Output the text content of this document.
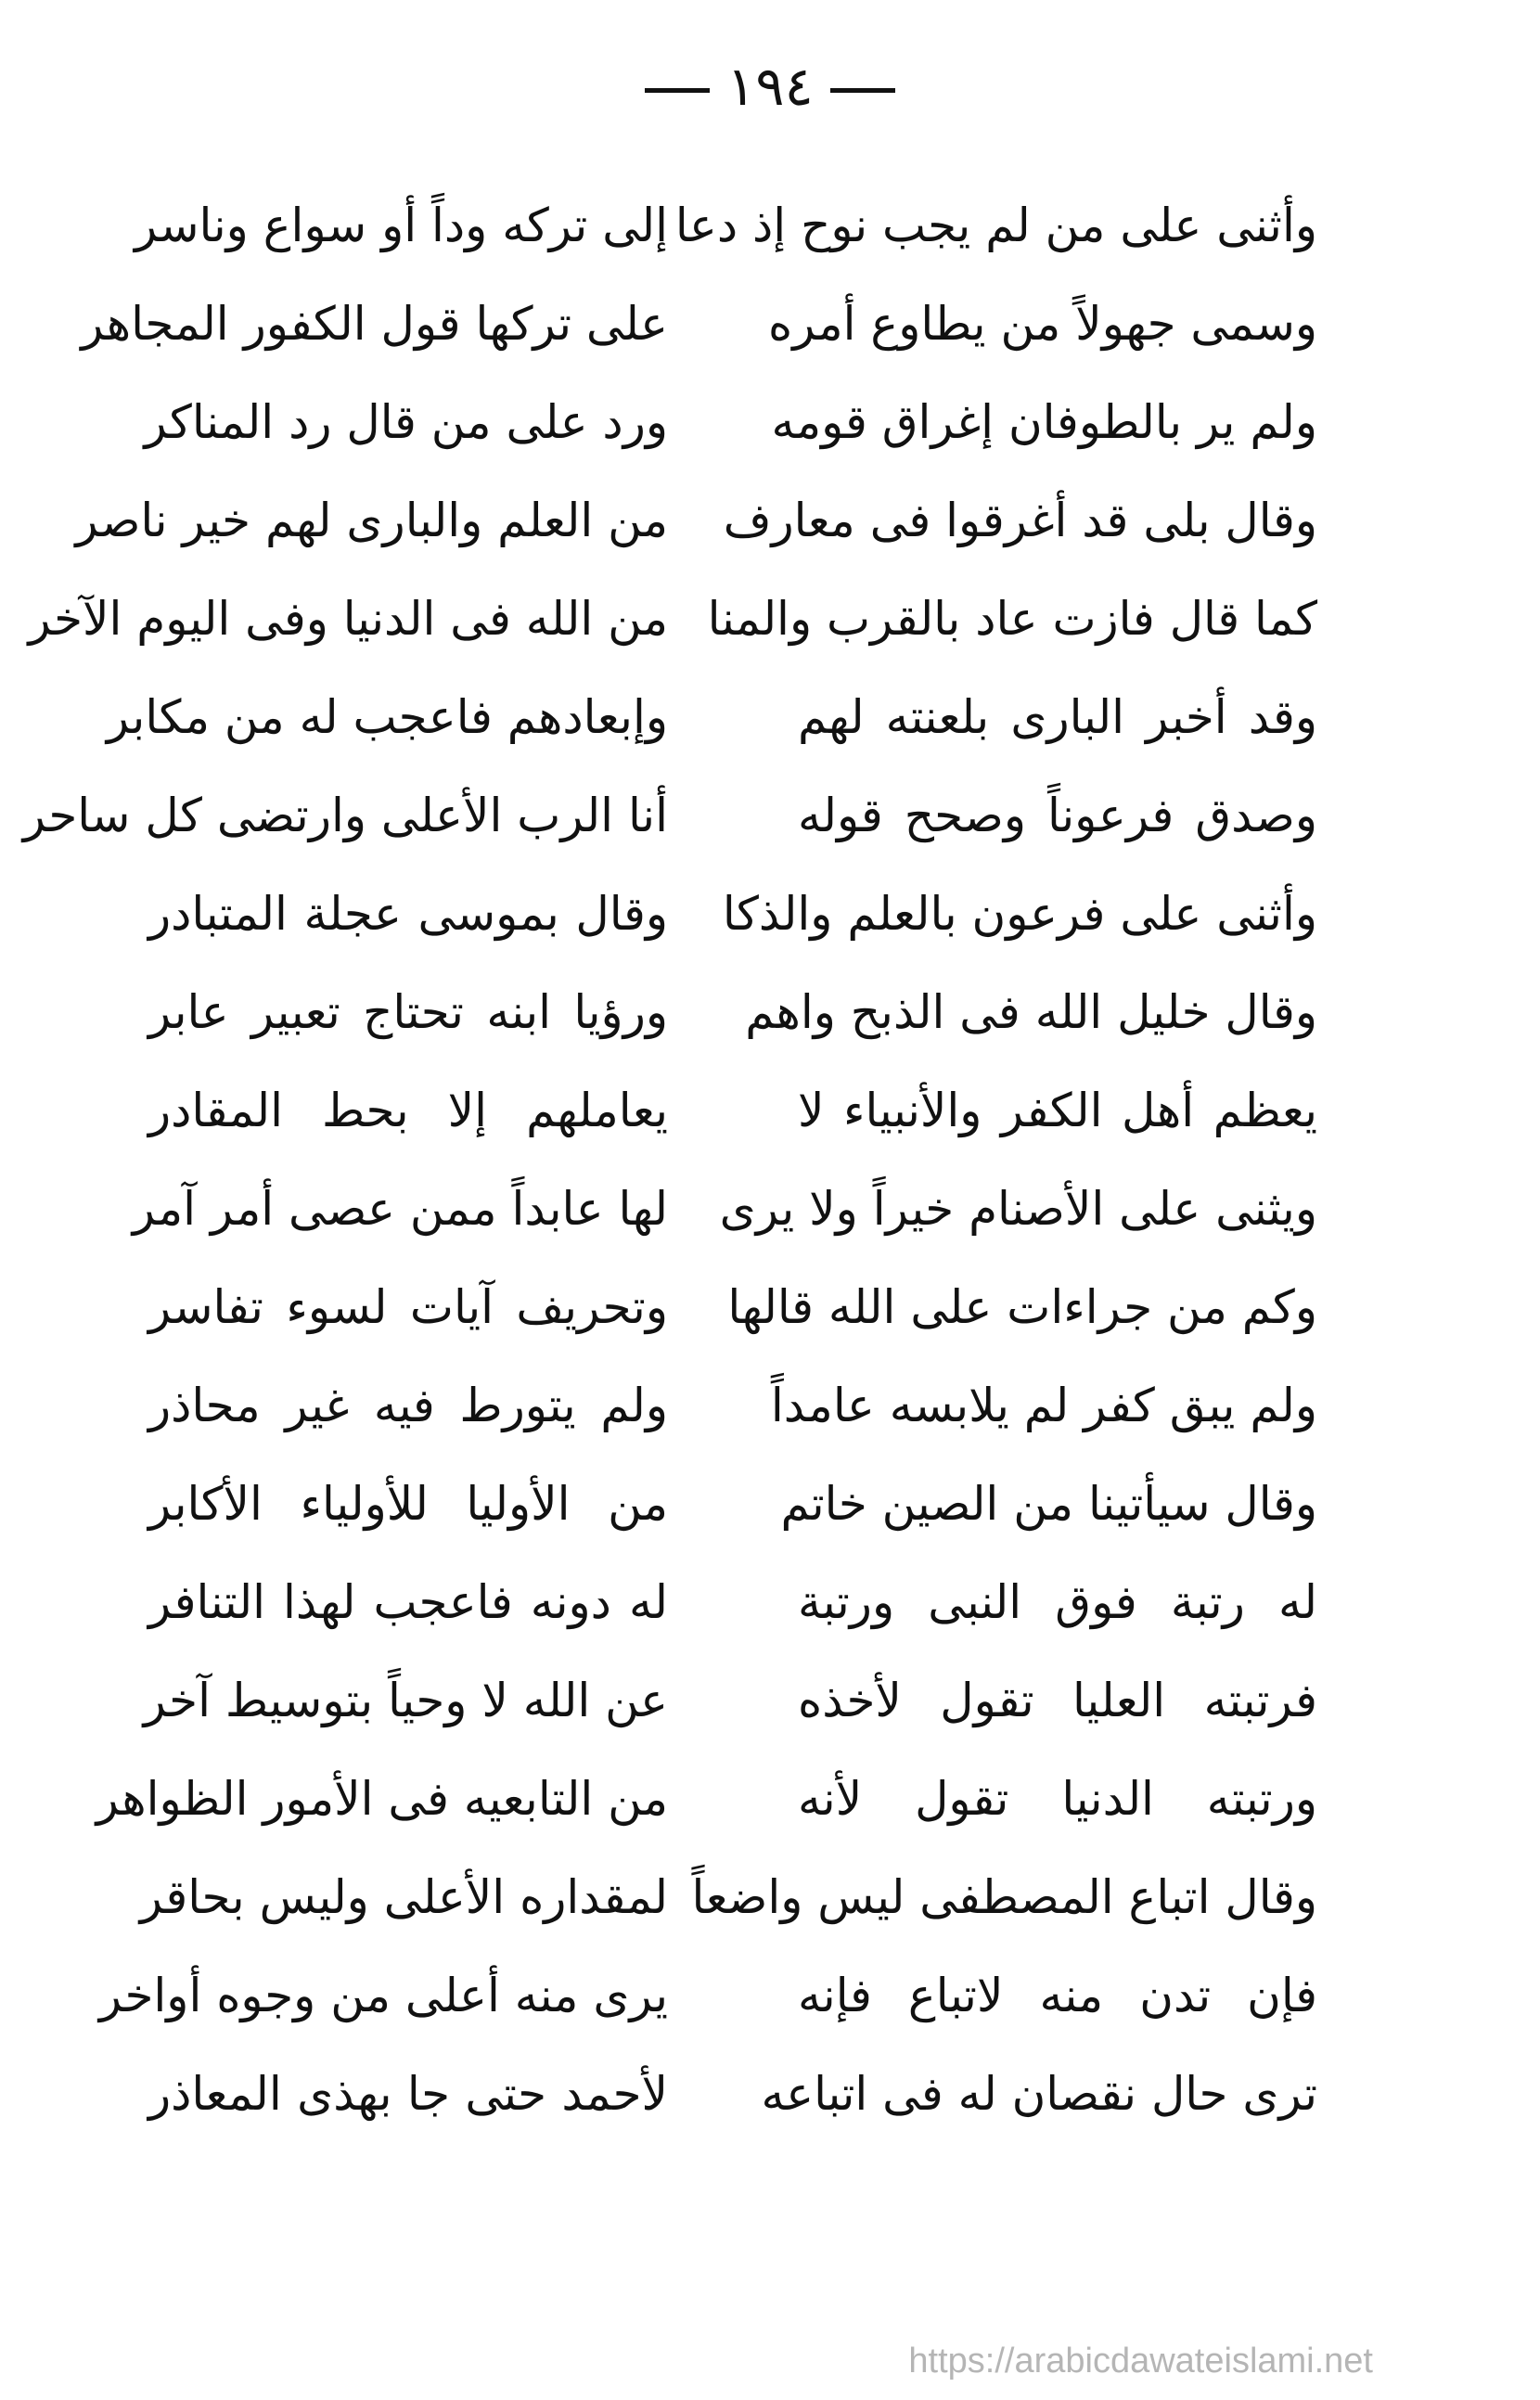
١٩٤
وأثنى على من لم يجب نوح إذ دعا
إلى تركه وداً أو سواع وناسر
وسمى جهولاً من يطاوع أمره
على تركها قول الكفور المجاهر
ولم ير بالطوفان إغراق قومه
ورد على من قال رد المناكر
وقال بلى قد أغرقوا فى معارف
من العلم والبارى لهم خير ناصر
كما قال فازت عاد بالقرب والمنا
من الله فى الدنيا وفى اليوم الآخر
وقد أخبر البارى بلعنته لهم
وإبعادهم فاعجب له من مكابر
وصدق فرعوناً وصحح قوله
أنا الرب الأعلى وارتضى كل ساحر
وأثنى على فرعون بالعلم والذكا
وقال بموسى عجلة المتبادر
وقال خليل الله فى الذبح واهم
ورؤيا ابنه تحتاج تعبير عابر
يعظم أهل الكفر والأنبياء لا
يعاملهم إلا بحط المقادر
ويثنى على الأصنام خيراً ولا يرى
لها عابداً ممن عصى أمر آمر
وكم من جراءات على الله قالها
وتحريف آيات لسوء تفاسر
ولم يبق كفر لم يلابسه عامداً
ولم يتورط فيه غير محاذر
وقال سيأتينا من الصين خاتم
من الأوليا للأولياء الأكابر
له رتبة فوق النبى ورتبة
له دونه فاعجب لهذا التنافر
فرتبته العليا تقول لأخذه
عن الله لا وحياً بتوسيط آخر
ورتبته الدنيا تقول لأنه
من التابعيه فى الأمور الظواهر
وقال اتباع المصطفى ليس واضعاً
لمقداره الأعلى وليس بحاقر
فإن تدن منه لاتباع فإنه
يرى منه أعلى من وجوه أواخر
ترى حال نقصان له فى اتباعه
لأحمد حتى جا بهذى المعاذر
https://arabicdawateislami.net
